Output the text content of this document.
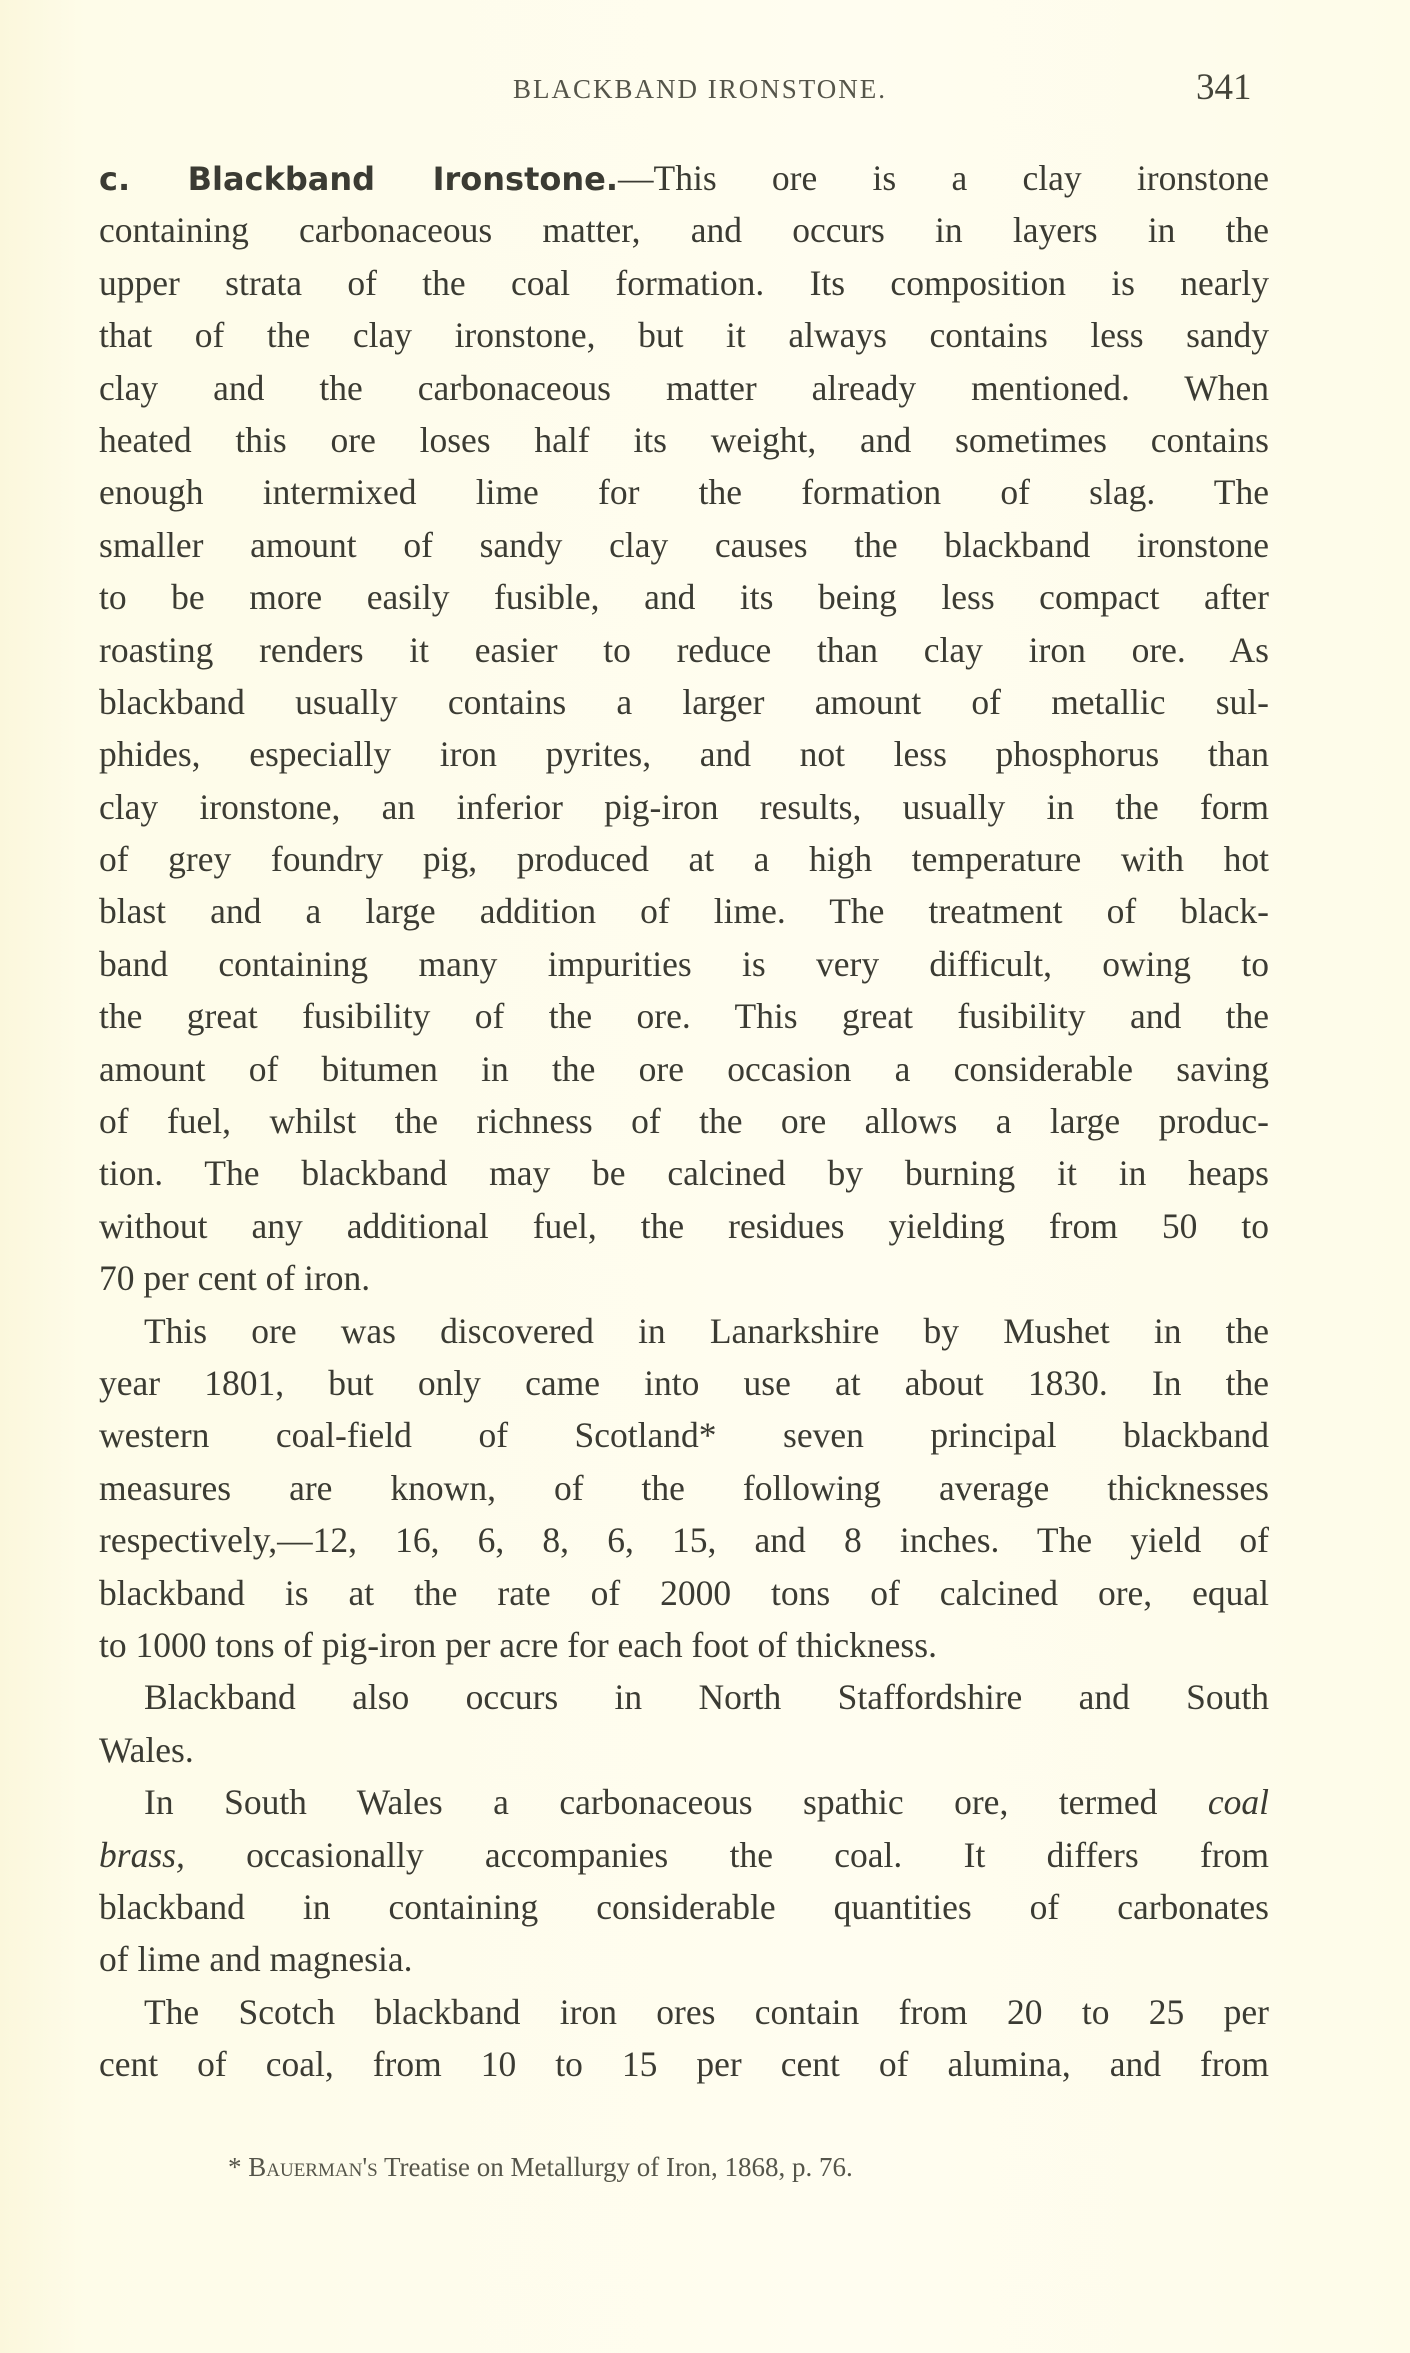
BLACKBAND IRONSTONE.	341
c. Blackband Ironstone.—This ore is a clay ironstone
containing carbonaceous matter, and occurs in layers in the
upper strata of the coal formation. Its composition is nearly
that of the clay ironstone, but it always contains less sandy
clay and the carbonaceous matter already mentioned. When
heated this ore loses half its weight, and sometimes contains
enough intermixed lime for the formation of slag. The
smaller amount of sandy clay causes the blackband ironstone
to be more easily fusible, and its being less compact after
roasting renders it easier to reduce than clay iron ore. As
blackband usually contains a larger amount of metallic sul-
phides, especially iron pyrites, and not less phosphorus than
clay ironstone, an inferior pig-iron results, usually in the form
of grey foundry pig, produced at a high temperature with hot
blast and a large addition of lime. The treatment of black-
band containing many impurities is very difficult, owing to
the great fusibility of the ore. This great fusibility and the
amount of bitumen in the ore occasion a considerable saving
of fuel, whilst the richness of the ore allows a large produc-
tion. The blackband may be calcined by burning it in heaps
without any additional fuel, the residues yielding from 50 to
70 per cent of iron.
This ore was discovered in Lanarkshire by Mushet in the
year 1801, but only came into use at about 1830. In the
western coal-field of Scotland* seven principal blackband
measures are known, of the following average thicknesses
respectively,—12, 16, 6, 8, 6, 15, and 8 inches. The yield of
blackband is at the rate of 2000 tons of calcined ore, equal
to 1000 tons of pig-iron per acre for each foot of thickness.
Blackband also occurs in North Staffordshire and South
Wales.
In South Wales a carbonaceous spathic ore, termed coal
brass, occasionally accompanies the coal. It differs from
blackband in containing considerable quantities of carbonates
of lime and magnesia.
The Scotch blackband iron ores contain from 20 to 25 per
cent of coal, from 10 to 15 per cent of alumina, and from
* Bauerman's Treatise on Metallurgy of Iron, 1868, p. 76.
